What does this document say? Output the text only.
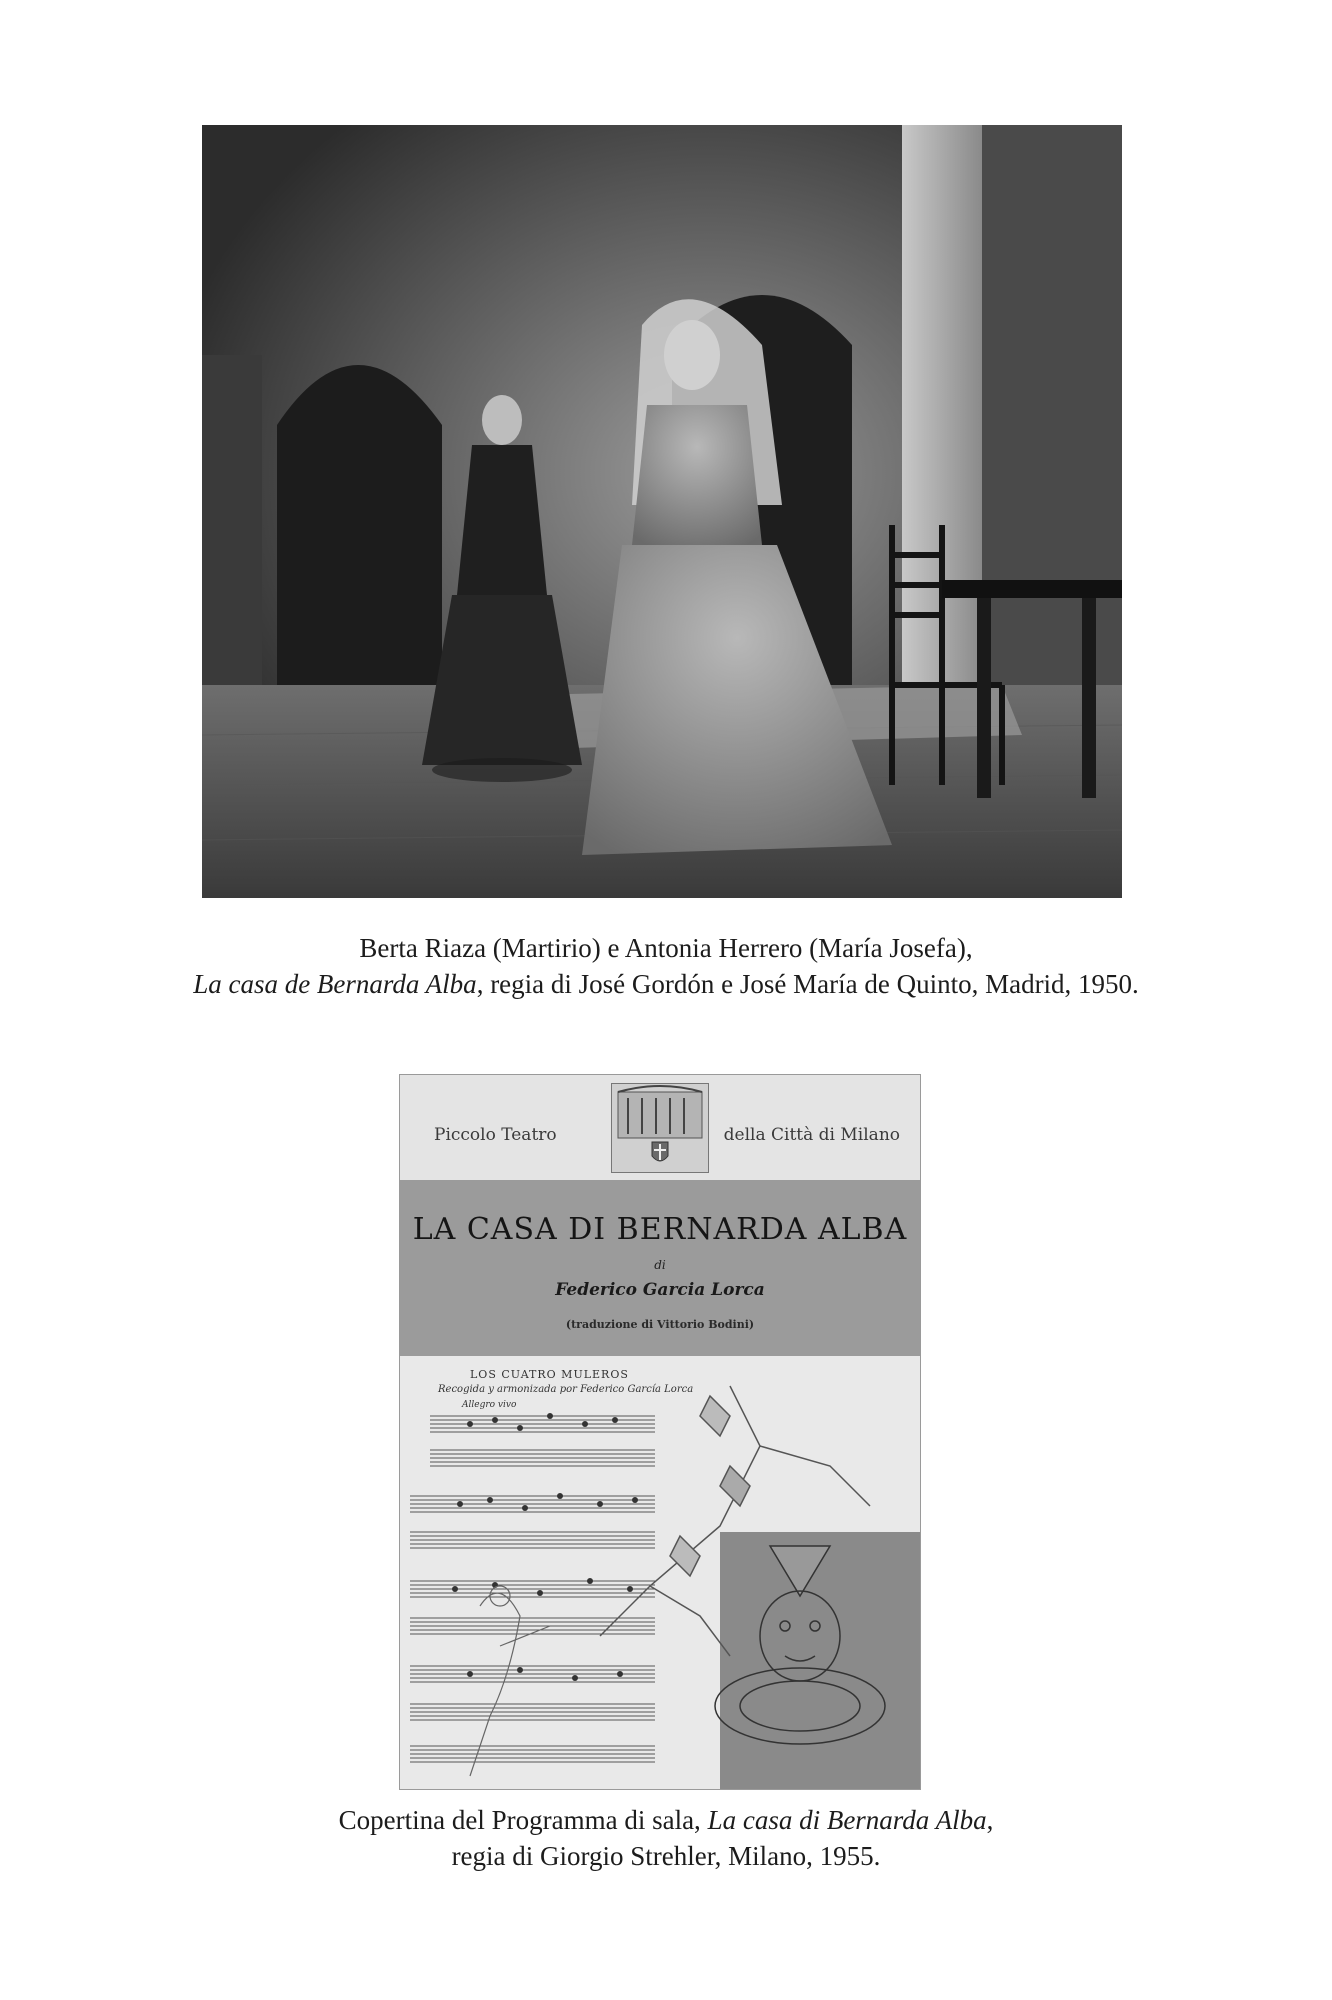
Berta Riaza (Martirio) e Antonia Herrero (María Josefa),
La casa de Bernarda Alba, regia di José Gordón e José María de Quinto, Madrid, 1950.
Piccolo Teatro	della Città di Milano
LA CASA DI BERNARDA ALBA
di
Federico Garcia Lorca
(traduzione di Vittorio Bodini)
LOS CUATRO MULEROS
Recogida y armonizada por Federico García Lorca
Allegro vivo
Copertina del Programma di sala, La casa di Bernarda Alba,
regia di Giorgio Strehler, Milano, 1955.
